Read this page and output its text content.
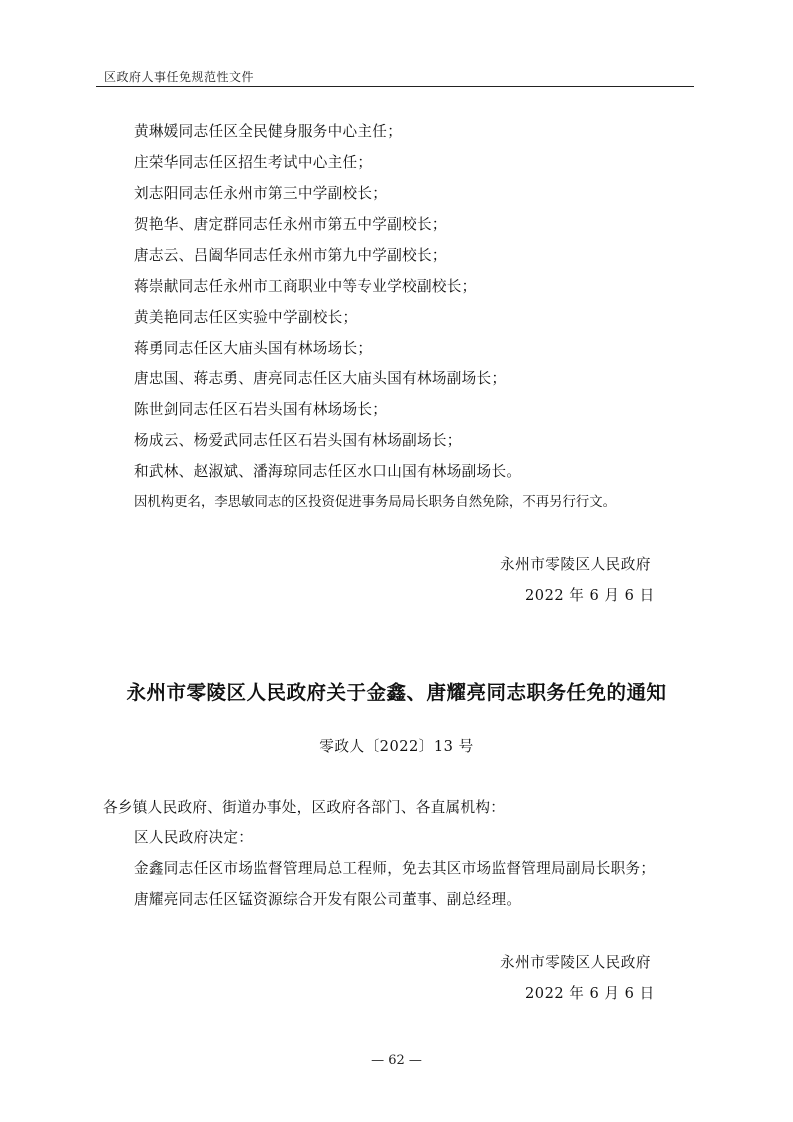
区政府人事任免规范性文件
黄琳媛同志任区全民健身服务中心主任；
庄荣华同志任区招生考试中心主任；
刘志阳同志任永州市第三中学副校长；
贺艳华、唐定群同志任永州市第五中学副校长；
唐志云、吕阖华同志任永州市第九中学副校长；
蒋崇献同志任永州市工商职业中等专业学校副校长；
黄美艳同志任区实验中学副校长；
蒋勇同志任区大庙头国有林场场长；
唐忠国、蒋志勇、唐亮同志任区大庙头国有林场副场长；
陈世剑同志任区石岩头国有林场场长；
杨成云、杨爱武同志任区石岩头国有林场副场长；
和武林、赵淑斌、潘海琼同志任区水口山国有林场副场长。
因机构更名，李思敏同志的区投资促进事务局局长职务自然免除，不再另行行文。
永州市零陵区人民政府
2022 年 6 月 6 日
永州市零陵区人民政府关于金鑫、唐耀亮同志职务任免的通知
零政人〔2022〕13 号
各乡镇人民政府、街道办事处，区政府各部门、各直属机构：
区人民政府决定：
金鑫同志任区市场监督管理局总工程师，免去其区市场监督管理局副局长职务；
唐耀亮同志任区锰资源综合开发有限公司董事、副总经理。
永州市零陵区人民政府
2022 年 6 月 6 日
— 62 —
